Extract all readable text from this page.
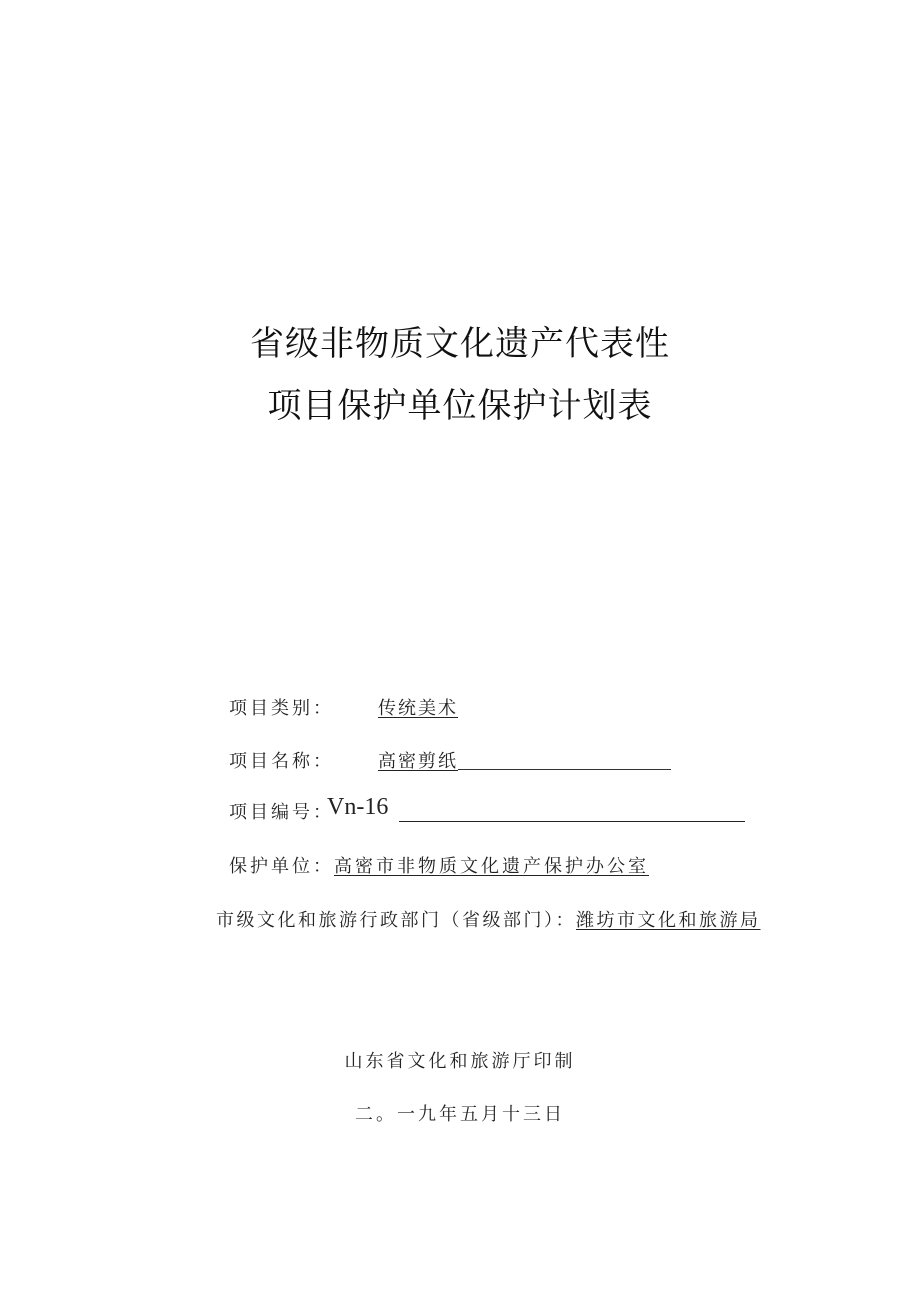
省级非物质文化遗产代表性
项目保护单位保护计划表
项目类别： 传统美术
项目名称： 高密剪纸
项目编号：
Vn-16
保护单位：高密市非物质文化遗产保护办公室
市级文化和旅游行政部门（省级部门）：潍坊市文化和旅游局
山东省文化和旅游厅印制
二。一九年五月十三日
